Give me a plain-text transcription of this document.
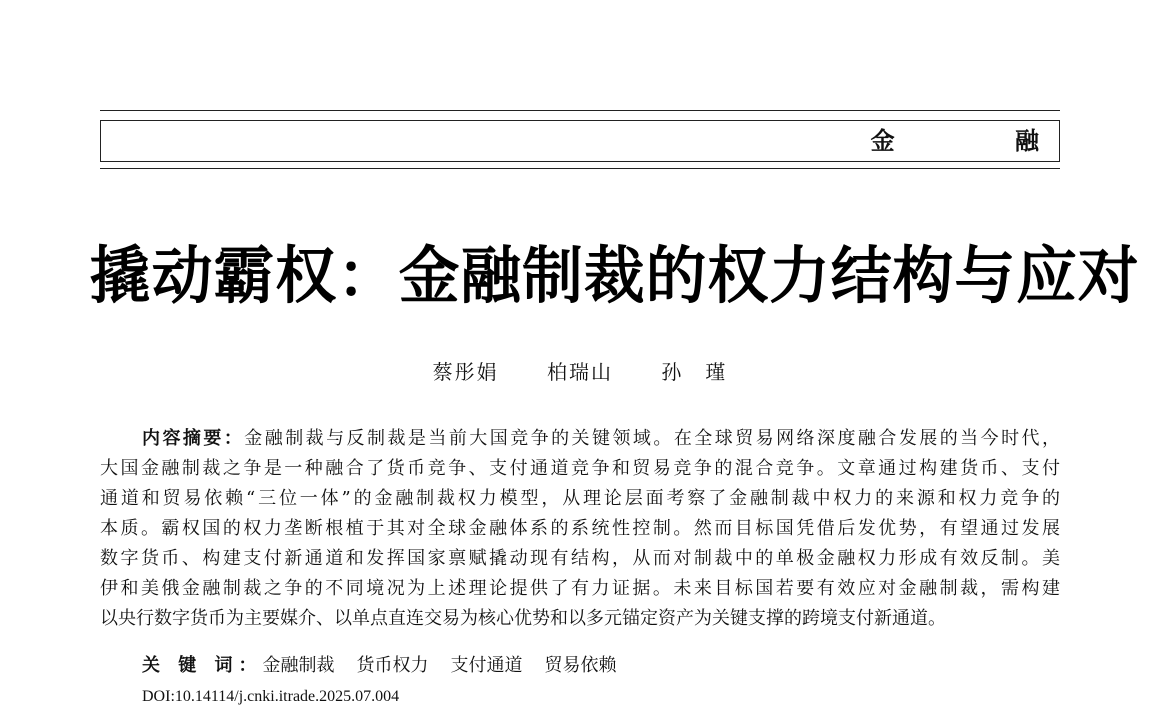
金 融
撬动霸权：金融制裁的权力结构与应对
蔡彤娟 柏瑞山 孙　瑾
内容摘要：金融制裁与反制裁是当前大国竞争的关键领域。在全球贸易网络深度融合发展的当今时代，
大国金融制裁之争是一种融合了货币竞争、支付通道竞争和贸易竞争的混合竞争。文章通过构建货币、支付
通道和贸易依赖“三位一体”的金融制裁权力模型，从理论层面考察了金融制裁中权力的来源和权力竞争的
本质。霸权国的权力垄断根植于其对全球金融体系的系统性控制。然而目标国凭借后发优势，有望通过发展
数字货币、构建支付新通道和发挥国家禀赋撬动现有结构，从而对制裁中的单极金融权力形成有效反制。美
伊和美俄金融制裁之争的不同境况为上述理论提供了有力证据。未来目标国若要有效应对金融制裁，需构建
以央行数字货币为主要媒介、以单点直连交易为核心优势和以多元锚定资产为关键支撑的跨境支付新通道。
关 键 词：金融制裁 货币权力 支付通道 贸易依赖
DOI:10.14114/j.cnki.itrade.2025.07.004
